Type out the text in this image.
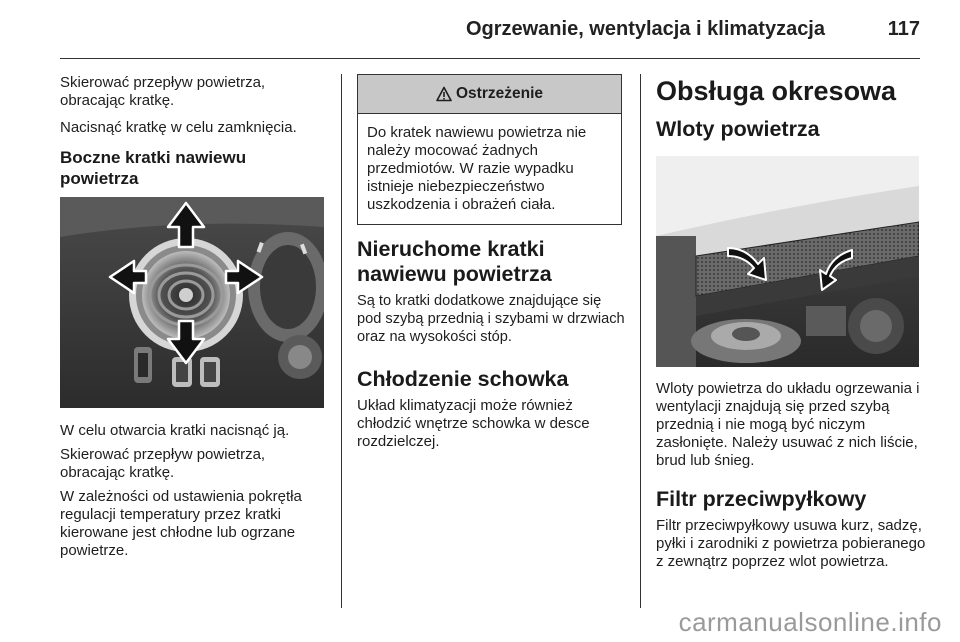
Ogrzewanie, wentylacja i klimatyzacja	117

Skierować przepływ powietrza, obracając kratkę.

Nacisnąć kratkę w celu zamknięcia.

Boczne kratki nawiewu powietrza

W celu otwarcia kratki nacisnąć ją.

Skierować przepływ powietrza, obracając kratkę.

W zależności od ustawienia pokrętła regulacji temperatury przez kratki kierowane jest chłodne lub ogrzane powietrze.

Ostrzeżenie

Do kratek nawiewu powietrza nie należy mocować żadnych przedmiotów. W razie wypadku istnieje niebezpieczeństwo uszkodzenia i obrażeń ciała.

Nieruchome kratki nawiewu powietrza

Są to kratki dodatkowe znajdujące się pod szybą przednią i szybami w drzwiach oraz na wysokości stóp.

Chłodzenie schowka

Układ klimatyzacji może również chłodzić wnętrze schowka w desce rozdzielczej.

Obsługa okresowa
Wloty powietrza

Wloty powietrza do układu ogrzewania i wentylacji znajdują się przed szybą przednią i nie mogą być niczym zasłonięte. Należy usuwać z nich liście, brud lub śnieg.

Filtr przeciwpyłkowy

Filtr przeciwpyłkowy usuwa kurz, sadzę, pyłki i zarodniki z powietrza pobieranego z zewnątrz poprzez wlot powietrza.

carmanualsonline.info
